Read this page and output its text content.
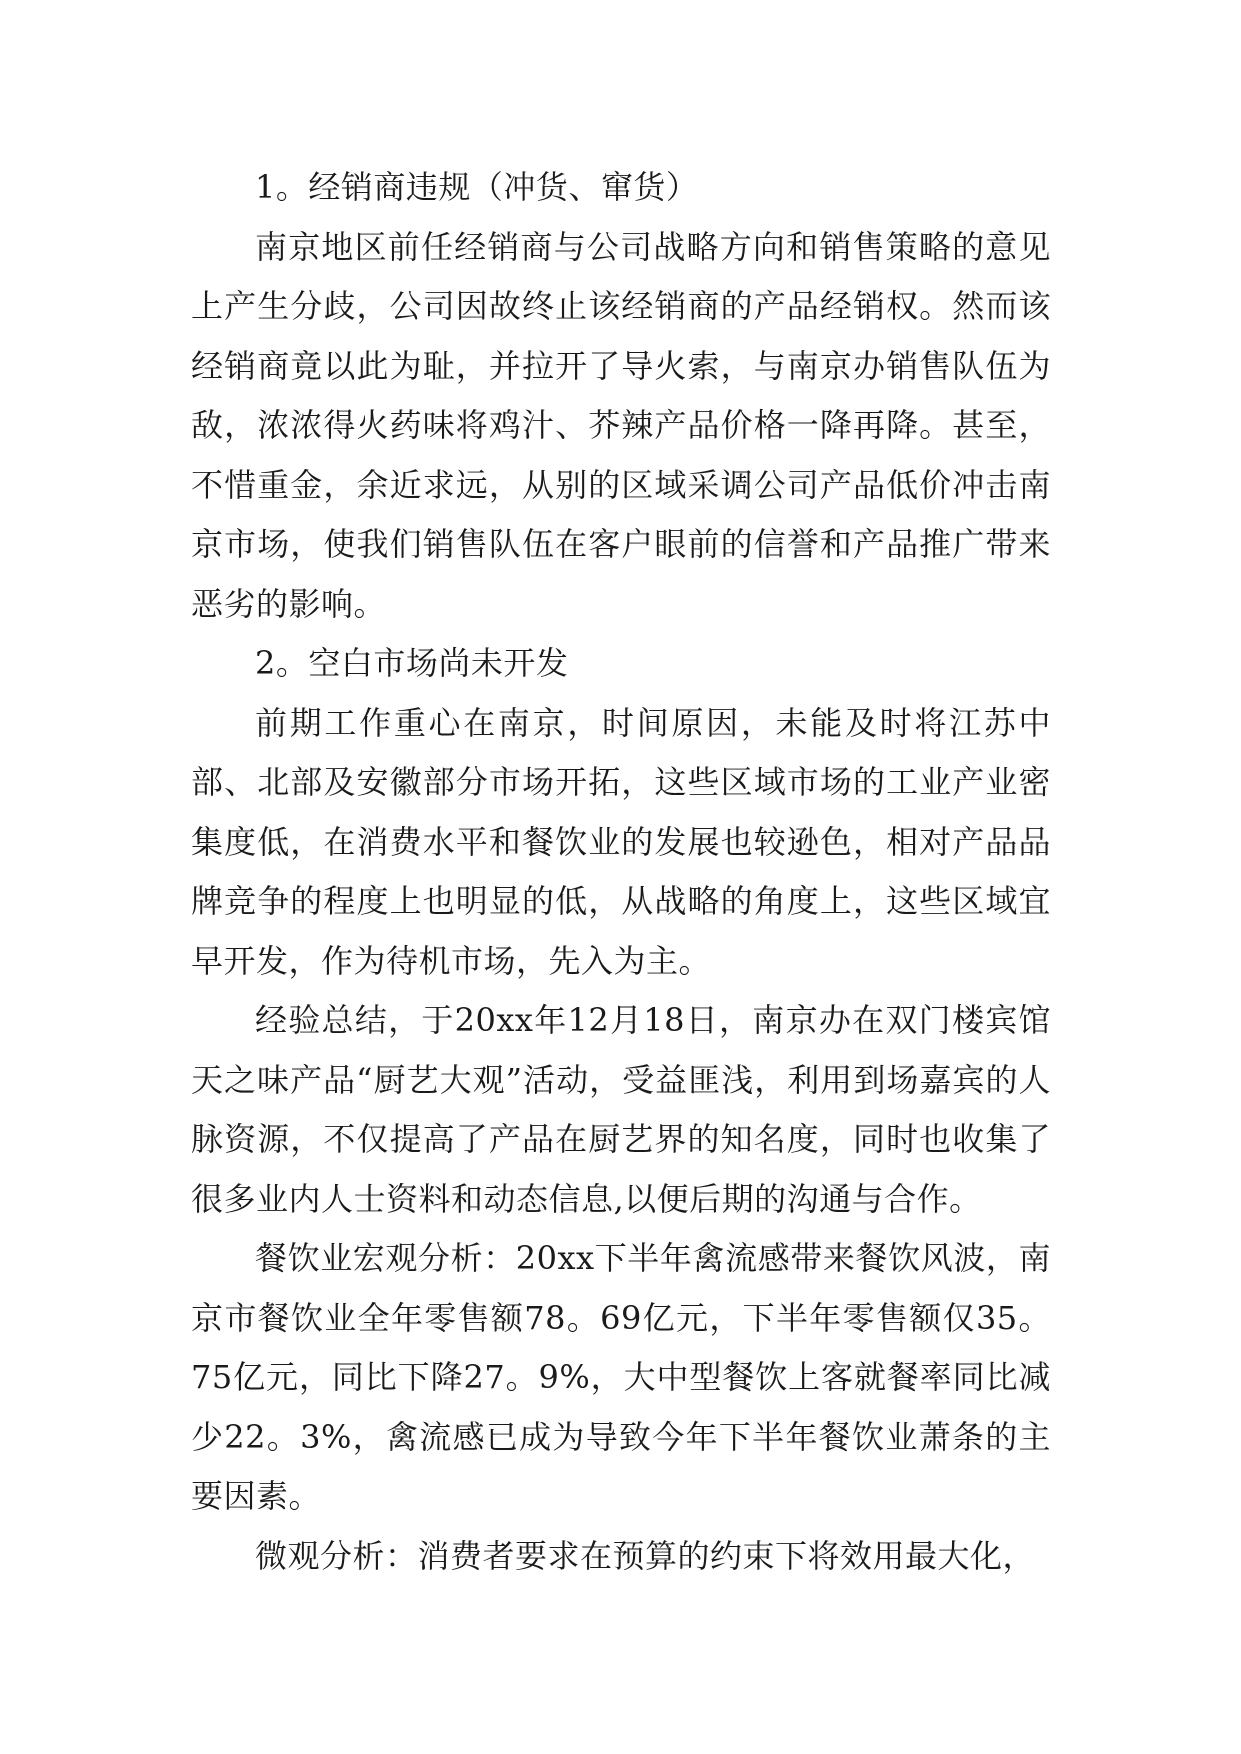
1。经销商违规（冲货、窜货）

南京地区前任经销商与公司战略方向和销售策略的意见上产生分歧，公司因故终止该经销商的产品经销权。然而该经销商竟以此为耻，并拉开了导火索，与南京办销售队伍为敌，浓浓得火药味将鸡汁、芥辣产品价格一降再降。甚至，不惜重金，余近求远，从别的区域采调公司产品低价冲击南京市场，使我们销售队伍在客户眼前的信誉和产品推广带来恶劣的影响。

2。空白市场尚未开发

前期工作重心在南京，时间原因，未能及时将江苏中部、北部及安徽部分市场开拓，这些区域市场的工业产业密集度低，在消费水平和餐饮业的发展也较逊色，相对产品品牌竞争的程度上也明显的低，从战略的角度上，这些区域宜早开发，作为待机市场，先入为主。

经验总结，于20xx年12月18日，南京办在双门楼宾馆天之味产品“厨艺大观”活动，受益匪浅，利用到场嘉宾的人脉资源，不仅提高了产品在厨艺界的知名度，同时也收集了很多业内人士资料和动态信息,以便后期的沟通与合作。

餐饮业宏观分析：20xx下半年禽流感带来餐饮风波，南京市餐饮业全年零售额78。69亿元，下半年零售额仅35。75亿元，同比下降27。9%，大中型餐饮上客就餐率同比减少22。3%，禽流感已成为导致今年下半年餐饮业萧条的主要因素。

微观分析：消费者要求在预算的约束下将效用最大化，
